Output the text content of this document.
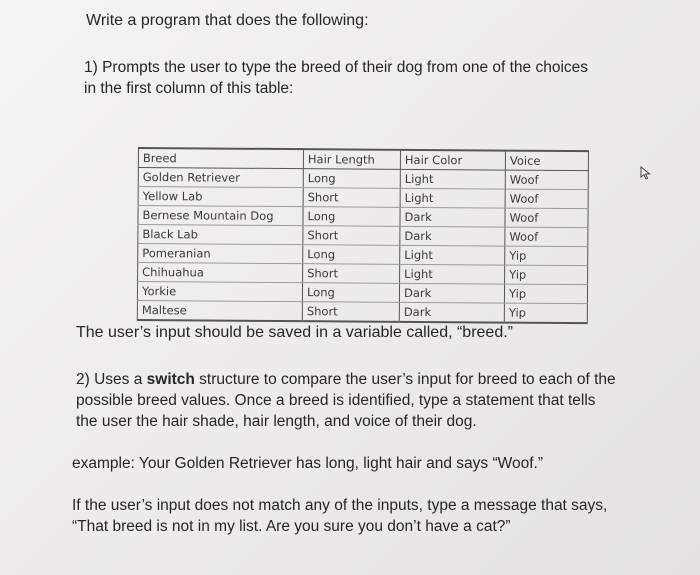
Write a program that does the following:

1) Prompts the user to type the breed of their dog from one of the choices
in the first column of this table:
Breed	Hair Length	Hair Color	Voice
Golden Retriever	Long	Light	Woof
Yellow Lab	Short	Light	Woof
Bernese Mountain Dog	Long	Dark	Woof
Black Lab	Short	Dark	Woof
Pomeranian	Long	Light	Yip
Chihuahua	Short	Light	Yip
Yorkie	Long	Dark	Yip
Maltese	Short	Dark	Yip

The user’s input should be saved in a variable called, “breed.”

2) Uses a switch structure to compare the user’s input for breed to each of the
possible breed values. Once a breed is identified, type a statement that tells
the user the hair shade, hair length, and voice of their dog.

example: Your Golden Retriever has long, light hair and says “Woof.”

If the user’s input does not match any of the inputs, type a message that says,
“That breed is not in my list. Are you sure you don’t have a cat?”
